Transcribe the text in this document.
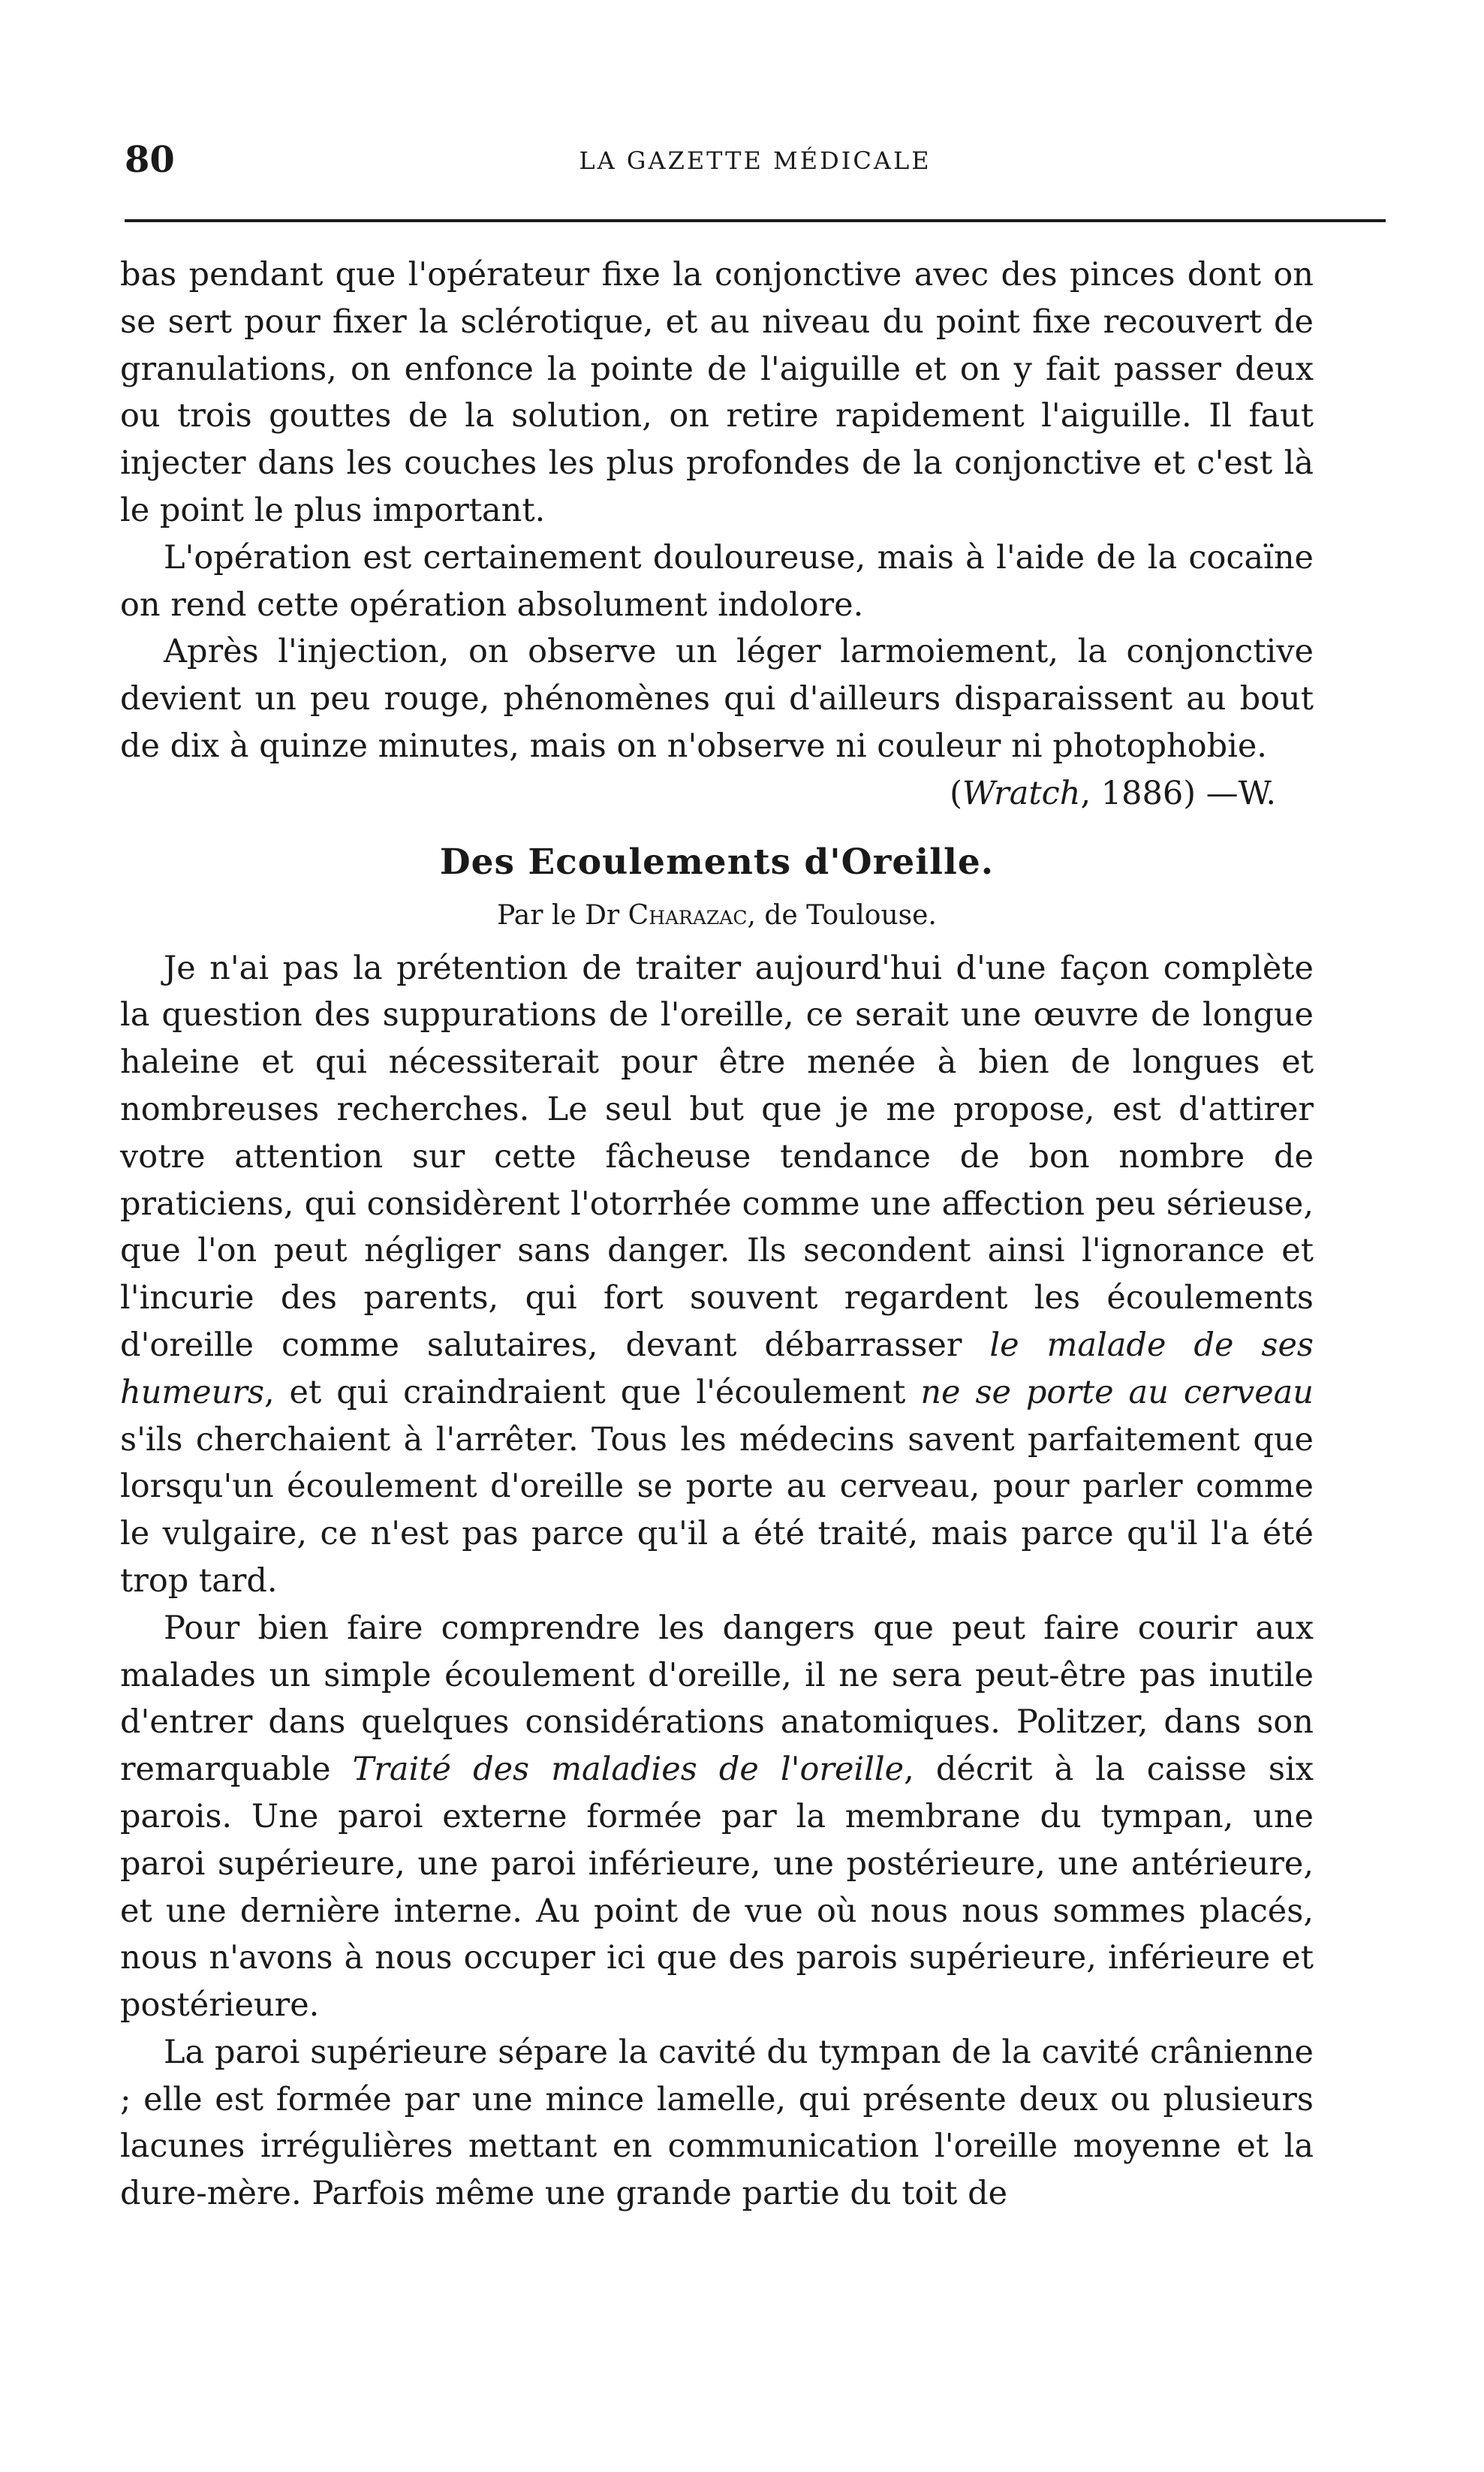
80	LA GAZETTE MÉDICALE

bas pendant que l'opérateur fixe la conjonctive avec des pinces dont on se sert pour fixer la sclérotique, et au niveau du point fixe recouvert de granulations, on enfonce la pointe de l'aiguille et on y fait passer deux ou trois gouttes de la solution, on retire rapidement l'aiguille. Il faut injecter dans les couches les plus profondes de la conjonctive et c'est là le point le plus important.

L'opération est certainement douloureuse, mais à l'aide de la cocaïne on rend cette opération absolument indolore.

Après l'injection, on observe un léger larmoiement, la conjonctive devient un peu rouge, phénomènes qui d'ailleurs disparaissent au bout de dix à quinze minutes, mais on n'observe ni couleur ni photophobie.

(Wratch, 1886) —W.
Des Ecoulements d'Oreille.
Par le Dr Charazac, de Toulouse.

Je n'ai pas la prétention de traiter aujourd'hui d'une façon complète la question des suppurations de l'oreille, ce serait une œuvre de longue haleine et qui nécessiterait pour être menée à bien de longues et nombreuses recherches. Le seul but que je me propose, est d'attirer votre attention sur cette fâcheuse tendance de bon nombre de praticiens, qui considèrent l'otorrhée comme une affection peu sérieuse, que l'on peut négliger sans danger. Ils secondent ainsi l'ignorance et l'incurie des parents, qui fort souvent regardent les écoulements d'oreille comme salutaires, devant débarrasser le malade de ses humeurs, et qui craindraient que l'écoulement ne se porte au cerveau s'ils cherchaient à l'arrêter. Tous les médecins savent parfaitement que lorsqu'un écoulement d'oreille se porte au cerveau, pour parler comme le vulgaire, ce n'est pas parce qu'il a été traité, mais parce qu'il l'a été trop tard.

Pour bien faire comprendre les dangers que peut faire courir aux malades un simple écoulement d'oreille, il ne sera peut-être pas inutile d'entrer dans quelques considérations anatomiques. Politzer, dans son remarquable Traité des maladies de l'oreille, décrit à la caisse six parois. Une paroi externe formée par la membrane du tympan, une paroi supérieure, une paroi inférieure, une postérieure, une antérieure, et une dernière interne. Au point de vue où nous nous sommes placés, nous n'avons à nous occuper ici que des parois supérieure, inférieure et postérieure.

La paroi supérieure sépare la cavité du tympan de la cavité crânienne ; elle est formée par une mince lamelle, qui présente deux ou plusieurs lacunes irrégulières mettant en communication l'oreille moyenne et la dure-mère. Parfois même une grande partie du toit de
